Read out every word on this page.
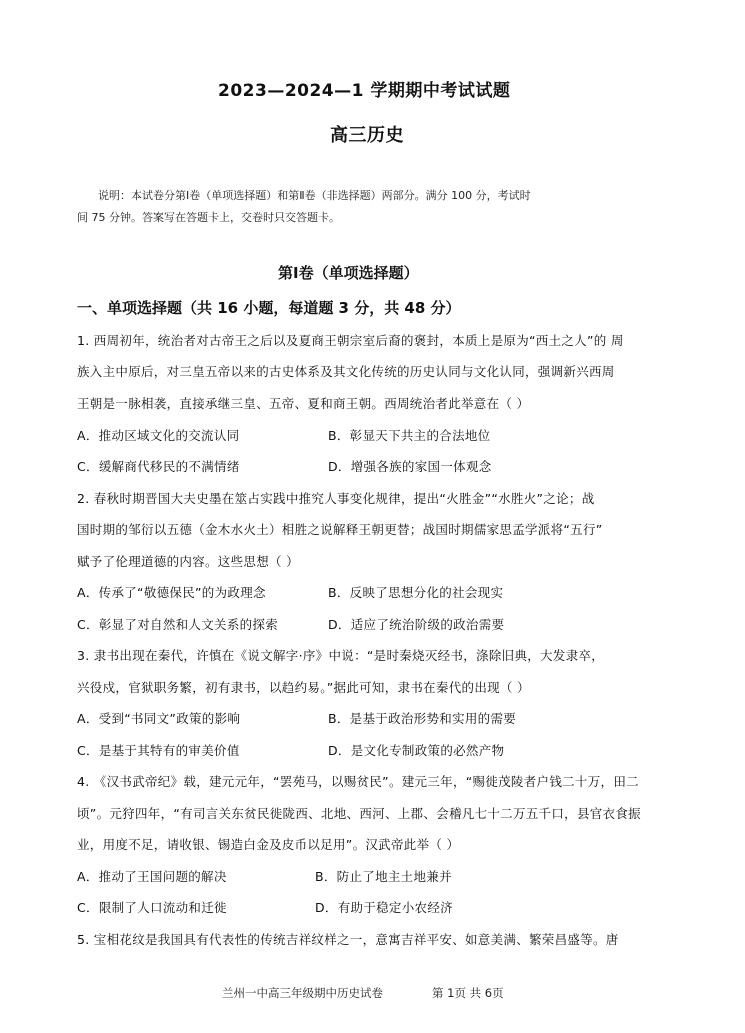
2023—2024—1 学期期中考试试题
高三历史
说明：本试卷分第Ⅰ卷（单项选择题）和第Ⅱ卷（非选择题）两部分。满分 100 分，考试时
间 75 分钟。答案写在答题卡上，交卷时只交答题卡。
第Ⅰ卷（单项选择题）
一、单项选择题（共 16 小题，每道题 3 分，共 48 分）
1. 西周初年，统治者对古帝王之后以及夏商王朝宗室后裔的褒封，本质上是原为“西土之人”的 周
族入主中原后，对三皇五帝以来的古史体系及其文化传统的历史认同与文化认同，强调新兴西周
王朝是一脉相袭，直接承继三皇、五帝、夏和商王朝。西周统治者此举意在（ ）
A．推动区域文化的交流认同	B．彰显天下共主的合法地位
C．缓解商代移民的不满情绪	D．增强各族的家国一体观念
2. 春秋时期晋国大夫史墨在筮占实践中推究人事变化规律，提出“火胜金”“水胜火”之论；战
国时期的邹衍以五德（金木水火土）相胜之说解释王朝更替；战国时期儒家思孟学派将“五行”
赋予了伦理道德的内容。这些思想（ ）
A．传承了“敬德保民”的为政理念	B．反映了思想分化的社会现实
C．彰显了对自然和人文关系的探索	D．适应了统治阶级的政治需要
3. 隶书出现在秦代，许慎在《说文解字·序》中说：“是时秦烧灭经书，涤除旧典，大发隶卒，
兴役戍，官狱职务繁，初有隶书，以趋约易。”据此可知，隶书在秦代的出现（ ）
A．受到“书同文”政策的影响	B．是基于政治形势和实用的需要
C．是基于其特有的审美价值	D．是文化专制政策的必然产物
4. 《汉书武帝纪》载，建元元年，“罢苑马，以赐贫民”。建元三年，“赐徙茂陵者户钱二十万，田二
顷”。元狩四年，“有司言关东贫民徙陇西、北地、西河、上郡、会稽凡七十二万五千口，县官衣食振
业，用度不足，请收银、锡造白金及皮币以足用”。汉武帝此举（ ）
A．推动了王国问题的解决	B．防止了地主土地兼并
C．限制了人口流动和迁徙	D．有助于稳定小农经济
5. 宝相花纹是我国具有代表性的传统吉祥纹样之一，意寓吉祥平安、如意美满、繁荣昌盛等。唐
兰州一中高三年级期中历史试卷	第 1页 共 6页
